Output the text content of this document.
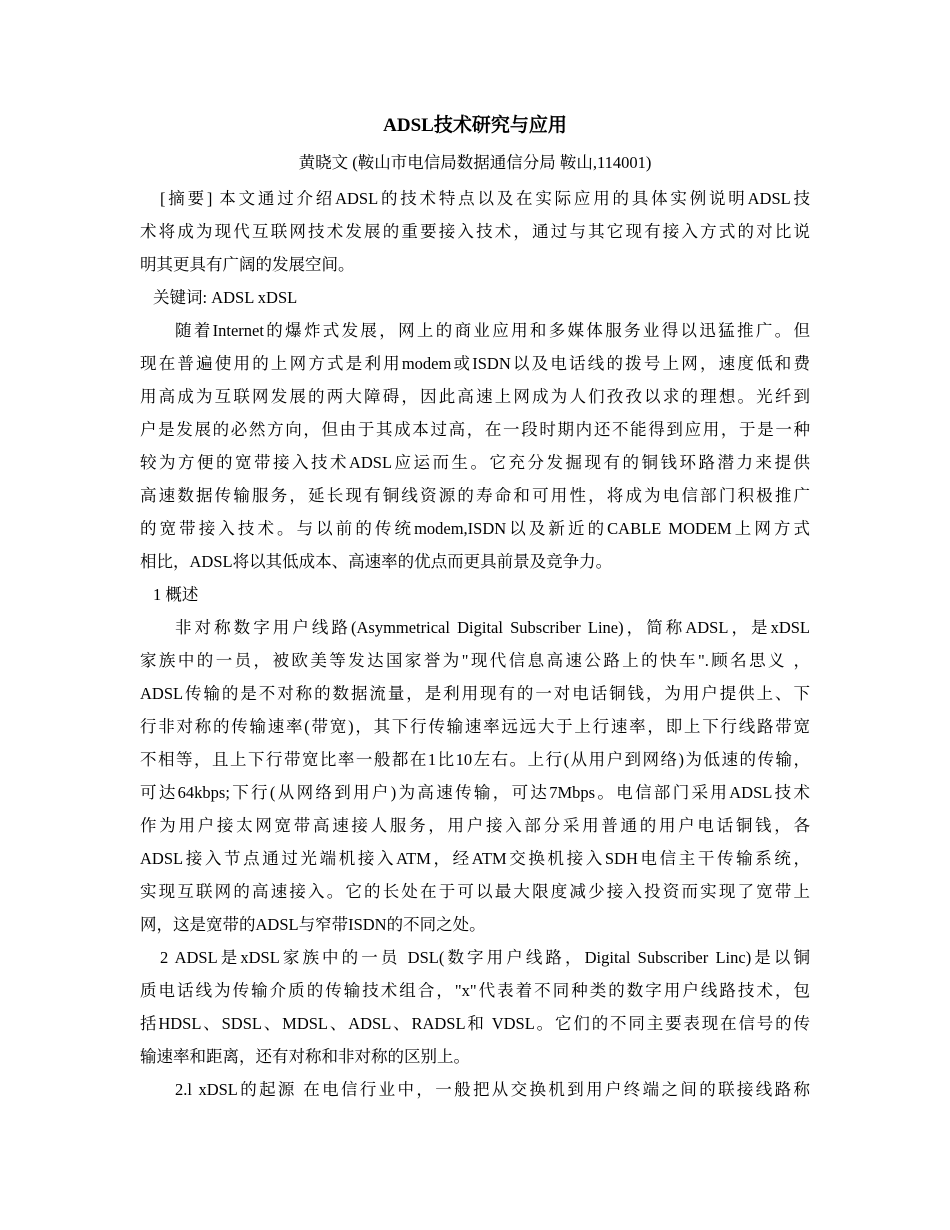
ADSL技术研究与应用

黄晓文 (鞍山市电信局数据通信分局 鞍山,114001)

[摘要] 本文通过介绍ADSL的技术特点以及在实际应用的具体实例说明ADSL技

术将成为现代互联网技术发展的重要接入技术，通过与其它现有接入方式的对比说

明其更具有广阔的发展空间。

关键词: ADSL xDSL

随着Internet的爆炸式发展，网上的商业应用和多媒体服务业得以迅猛推广。但

现在普遍使用的上网方式是利用modem或ISDN以及电话线的拨号上网，速度低和费

用高成为互联网发展的两大障碍，因此高速上网成为人们孜孜以求的理想。光纤到

户是发展的必然方向，但由于其成本过高，在一段时期内还不能得到应用，于是一种

较为方便的宽带接入技术ADSL应运而生。它充分发掘现有的铜钱环路潜力来提供

高速数据传输服务，延长现有铜线资源的寿命和可用性，将成为电信部门积极推广

的宽带接入技术。与以前的传统modem,ISDN以及新近的CABLE MODEM上网方式

相比，ADSL将以其低成本、高速率的优点而更具前景及竞争力。

1 概述

非对称数字用户线路(Asymmetrical Digital Subscriber Line)，简称ADSL，是xDSL

家族中的一员，被欧美等发达国家誉为"现代信息高速公路上的快车".顾名思义 ，

ADSL传输的是不对称的数据流量，是利用现有的一对电话铜钱，为用户提供上、下

行非对称的传输速率(带宽)，其下行传输速率远远大于上行速率，即上下行线路带宽

不相等，且上下行带宽比率一般都在1比10左右。上行(从用户到网络)为低速的传输，

可达64kbps;下行(从网络到用户)为高速传输，可达7Mbps。电信部门采用ADSL技术

作为用户接太网宽带高速接人服务，用户接入部分采用普通的用户电话铜钱，各

ADSL接入节点通过光端机接入ATM，经ATM交换机接入SDH电信主干传输系统，

实现互联网的高速接入。它的长处在于可以最大限度减少接入投资而实现了宽带上

网，这是宽带的ADSL与窄带ISDN的不同之处。

2 ADSL是xDSL家族中的一员 DSL(数字用户线路，Digital Subscriber Linc)是以铜

质电话线为传输介质的传输技术组合，"x"代表着不同种类的数字用户线路技术，包

括HDSL、SDSL、MDSL、ADSL、RADSL和 VDSL。它们的不同主要表现在信号的传

输速率和距离，还有对称和非对称的区别上。

2.l xDSL的起源 在电信行业中，一般把从交换机到用户终端之间的联接线路称
